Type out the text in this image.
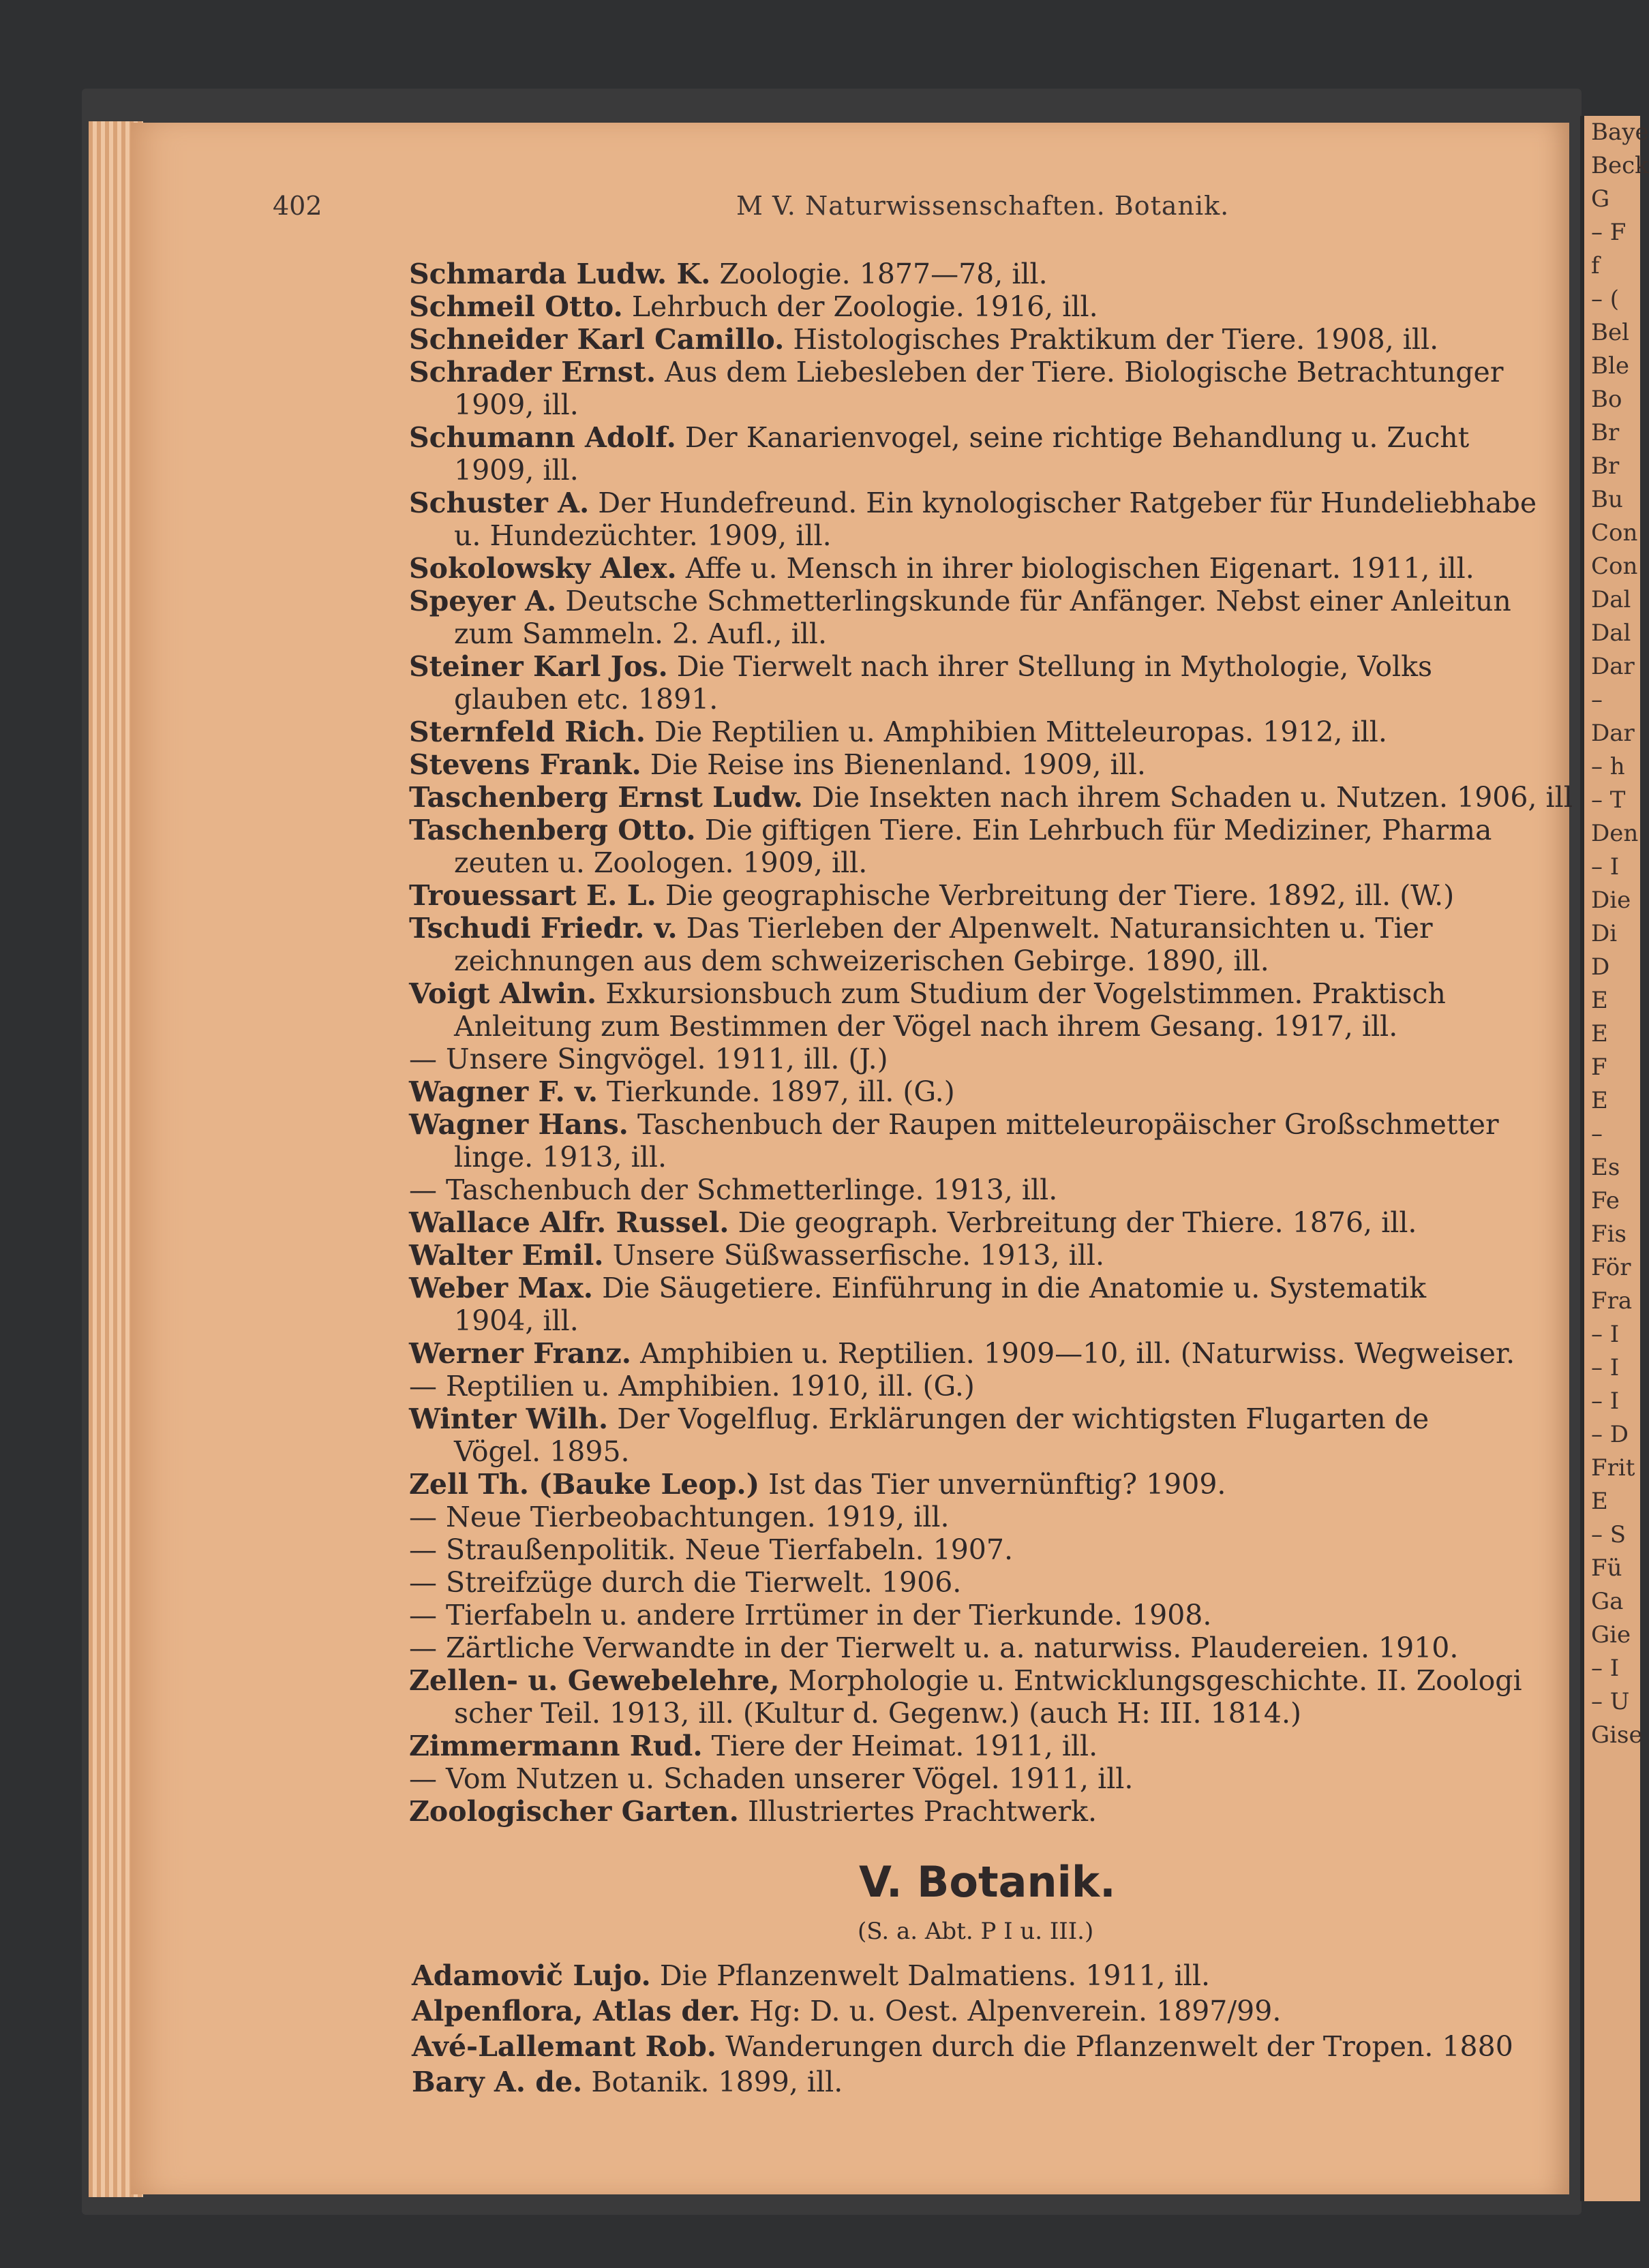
Baye
Beck
G
– F
f
– (
Bel
Ble
Bo
Br
Br
Bu
Con
Con
Dal
Dal
Dar
–
Dar
– h
– T
Den
– I
Die
Di
D
E
E
F
E
–
Es
Fe
Fis
För
Fra
– I
– I
– I
– D
Frit
E
– S
Fü
Ga
Gie
– I
– U
Gise
402	M V. Naturwissenschaften. Botanik.
Schmarda Ludw. K. Zoologie. 1877—78, ill.
Schmeil Otto. Lehrbuch der Zoologie. 1916, ill.
Schneider Karl Camillo. Histologisches Praktikum der Tiere. 1908, ill.
Schrader Ernst. Aus dem Liebesleben der Tiere. Biologische Betrachtunger
1909, ill.
Schumann Adolf. Der Kanarienvogel, seine richtige Behandlung u. Zucht
1909, ill.
Schuster A. Der Hundefreund. Ein kynologischer Ratgeber für Hundeliebhabe
u. Hundezüchter. 1909, ill.
Sokolowsky Alex. Affe u. Mensch in ihrer biologischen Eigenart. 1911, ill.
Speyer A. Deutsche Schmetterlingskunde für Anfänger. Nebst einer Anleitun
zum Sammeln. 2. Aufl., ill.
Steiner Karl Jos. Die Tierwelt nach ihrer Stellung in Mythologie, Volks
glauben etc. 1891.
Sternfeld Rich. Die Reptilien u. Amphibien Mitteleuropas. 1912, ill.
Stevens Frank. Die Reise ins Bienenland. 1909, ill.
Taschenberg Ernst Ludw. Die Insekten nach ihrem Schaden u. Nutzen. 1906, ill
Taschenberg Otto. Die giftigen Tiere. Ein Lehrbuch für Mediziner, Pharma
zeuten u. Zoologen. 1909, ill.
Trouessart E. L. Die geographische Verbreitung der Tiere. 1892, ill. (W.)
Tschudi Friedr. v. Das Tierleben der Alpenwelt. Naturansichten u. Tier
zeichnungen aus dem schweizerischen Gebirge. 1890, ill.
Voigt Alwin. Exkursionsbuch zum Studium der Vogelstimmen. Praktisch
Anleitung zum Bestimmen der Vögel nach ihrem Gesang. 1917, ill.
— Unsere Singvögel. 1911, ill. (J.)
Wagner F. v. Tierkunde. 1897, ill. (G.)
Wagner Hans. Taschenbuch der Raupen mitteleuropäischer Großschmetter
linge. 1913, ill.
— Taschenbuch der Schmetterlinge. 1913, ill.
Wallace Alfr. Russel. Die geograph. Verbreitung der Thiere. 1876, ill.
Walter Emil. Unsere Süßwasserfische. 1913, ill.
Weber Max. Die Säugetiere. Einführung in die Anatomie u. Systematik
1904, ill.
Werner Franz. Amphibien u. Reptilien. 1909—10, ill. (Naturwiss. Wegweiser.
— Reptilien u. Amphibien. 1910, ill. (G.)
Winter Wilh. Der Vogelflug. Erklärungen der wichtigsten Flugarten de
Vögel. 1895.
Zell Th. (Bauke Leop.) Ist das Tier unvernünftig? 1909.
— Neue Tierbeobachtungen. 1919, ill.
— Straußenpolitik. Neue Tierfabeln. 1907.
— Streifzüge durch die Tierwelt. 1906.
— Tierfabeln u. andere Irrtümer in der Tierkunde. 1908.
— Zärtliche Verwandte in der Tierwelt u. a. naturwiss. Plaudereien. 1910.
Zellen- u. Gewebelehre, Morphologie u. Entwicklungsgeschichte. II. Zoologi
scher Teil. 1913, ill. (Kultur d. Gegenw.) (auch H: III. 1814.)
Zimmermann Rud. Tiere der Heimat. 1911, ill.
— Vom Nutzen u. Schaden unserer Vögel. 1911, ill.
Zoologischer Garten. Illustriertes Prachtwerk.
V. Botanik.
(S. a. Abt. P I u. III.)
Adamovič Lujo. Die Pflanzenwelt Dalmatiens. 1911, ill.
Alpenflora, Atlas der. Hg: D. u. Oest. Alpenverein. 1897/99.
Avé-Lallemant Rob. Wanderungen durch die Pflanzenwelt der Tropen. 1880
Bary A. de. Botanik. 1899, ill.
